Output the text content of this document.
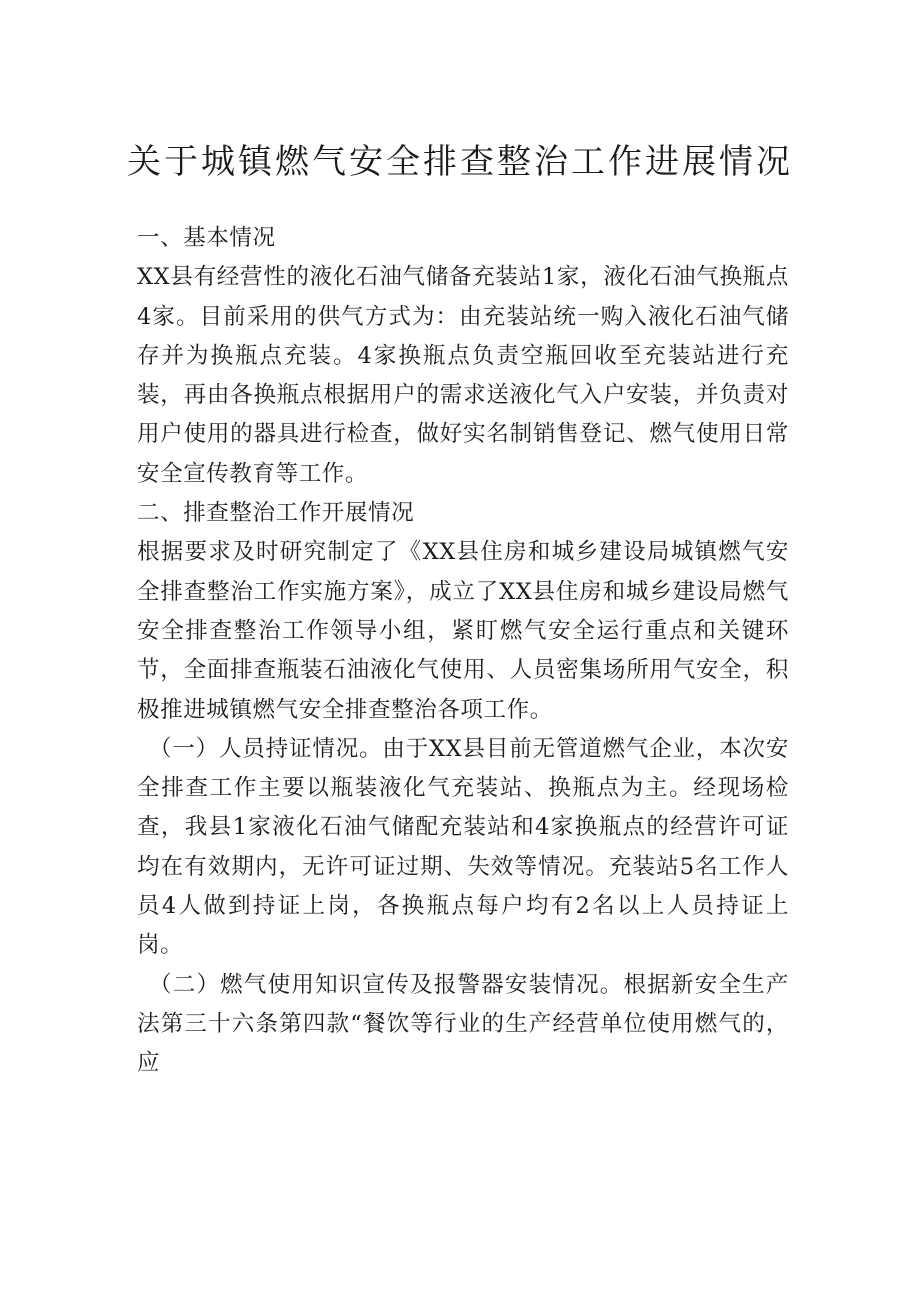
关于城镇燃气安全排查整治工作进展情况

一、基本情况

XX县有经营性的液化石油气储备充装站1家，液化石油气换瓶点4家。目前采用的供气方式为：由充装站统一购入液化石油气储存并为换瓶点充装。4家换瓶点负责空瓶回收至充装站进行充装，再由各换瓶点根据用户的需求送液化气入户安装，并负责对用户使用的器具进行检查，做好实名制销售登记、燃气使用日常安全宣传教育等工作。

二、排查整治工作开展情况

根据要求及时研究制定了《XX县住房和城乡建设局城镇燃气安全排查整治工作实施方案》，成立了XX县住房和城乡建设局燃气安全排查整治工作领导小组，紧盯燃气安全运行重点和关键环节，全面排查瓶装石油液化气使用、人员密集场所用气安全，积极推进城镇燃气安全排查整治各项工作。

（一）人员持证情况。由于XX县目前无管道燃气企业，本次安全排查工作主要以瓶装液化气充装站、换瓶点为主。经现场检查，我县1家液化石油气储配充装站和4家换瓶点的经营许可证均在有效期内，无许可证过期、失效等情况。充装站5名工作人员4人做到持证上岗，各换瓶点每户均有2名以上人员持证上岗。

（二）燃气使用知识宣传及报警器安装情况。根据新安全生产法第三十六条第四款“餐饮等行业的生产经营单位使用燃气的，应
